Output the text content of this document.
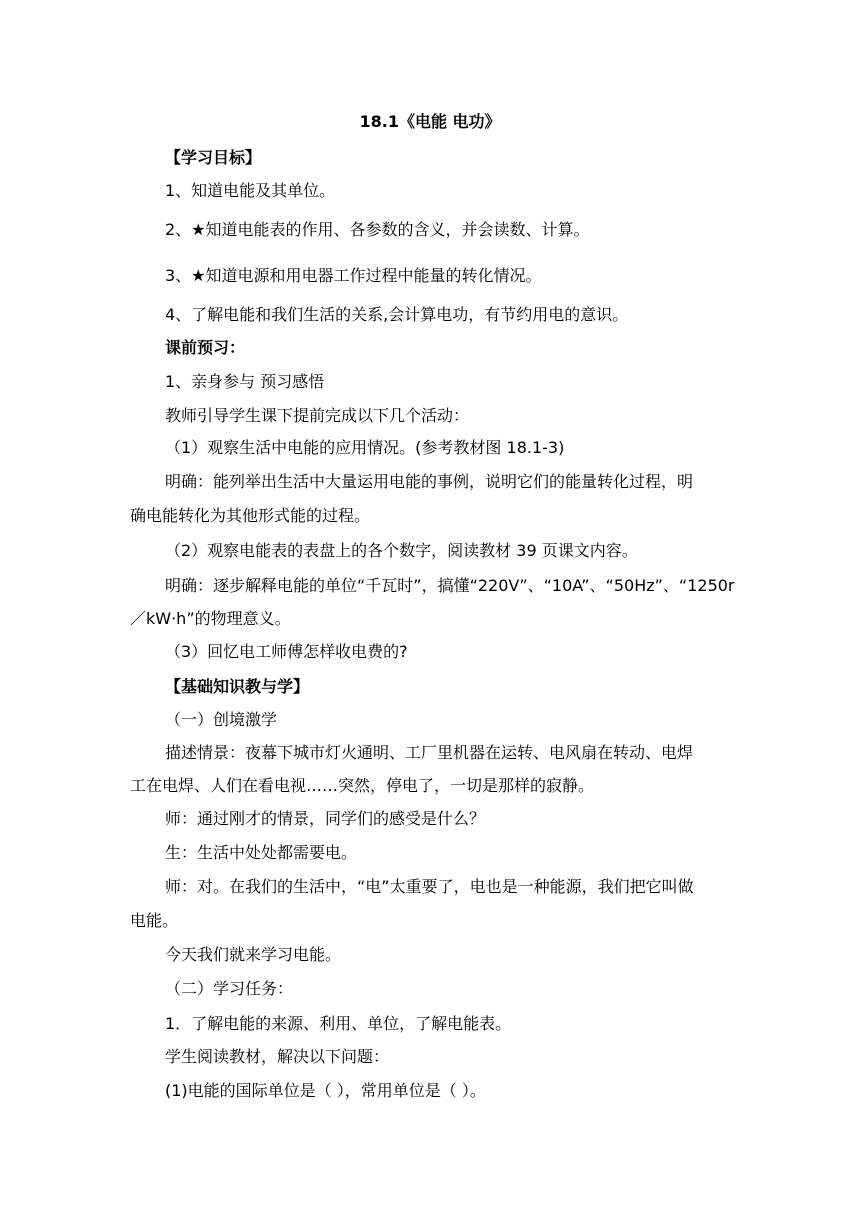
18.1《电能 电功》
【学习目标】
1、知道电能及其单位。
2、★知道电能表的作用、各参数的含义，并会读数、计算。
3、★知道电源和用电器工作过程中能量的转化情况。
4、了解电能和我们生活的关系,会计算电功，有节约用电的意识。
课前预习：
1、亲身参与 预习感悟
教师引导学生课下提前完成以下几个活动：
（1）观察生活中电能的应用情况。(参考教材图 18.1-3)
明确：能列举出生活中大量运用电能的事例，说明它们的能量转化过程，明
确电能转化为其他形式能的过程。
（2）观察电能表的表盘上的各个数字，阅读教材 39 页课文内容。
明确：逐步解释电能的单位“千瓦时”，搞懂“220V”、“10A”、“50Hz”、“1250r
／kW·h”的物理意义。
（3）回忆电工师傅怎样收电费的?
【基础知识教与学】
（一）创境激学
描述情景：夜幕下城市灯火通明、工厂里机器在运转、电风扇在转动、电焊
工在电焊、人们在看电视……突然，停电了，一切是那样的寂静。
师：通过刚才的情景，同学们的感受是什么？
生：生活中处处都需要电。
师：对。在我们的生活中，“电”太重要了，电也是一种能源，我们把它叫做
电能。
今天我们就来学习电能。
（二）学习任务：
1．了解电能的来源、利用、单位，了解电能表。
学生阅读教材，解决以下问题：
(1)电能的国际单位是（ ），常用单位是（ ）。
